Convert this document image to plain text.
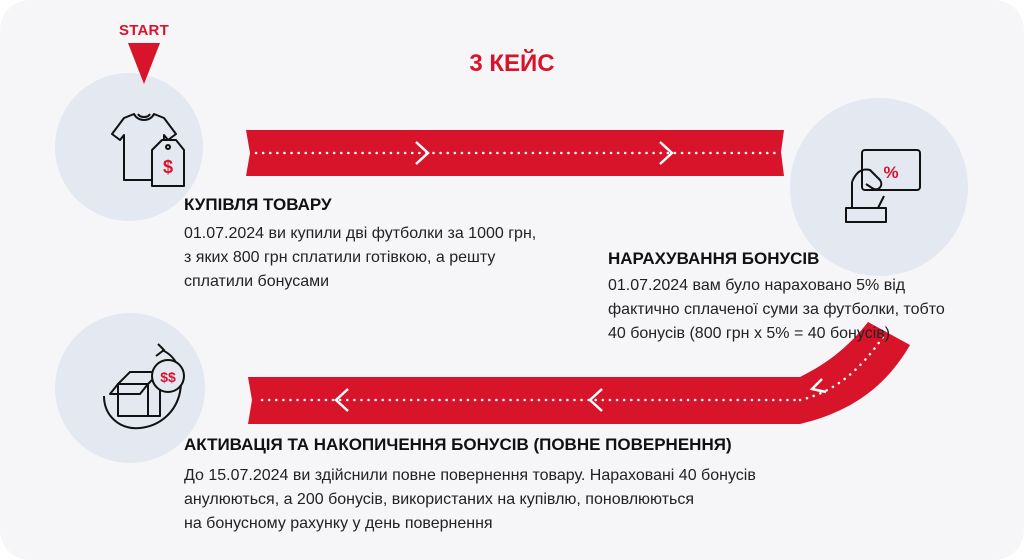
$	%
$$
START
3 КЕЙС
КУПІВЛЯ ТОВАРУ
01.07.2024 ви купили дві футболки за 1000 грн,
з яких 800 грн сплатили готівкою, а решту
сплатили бонусами
НАРАХУВАННЯ БОНУСІВ
01.07.2024 вам було нараховано 5% від
фактично сплаченої суми за футболки, тобто
40 бонусів (800 грн х 5% = 40 бонусів)
АКТИВАЦІЯ ТА НАКОПИЧЕННЯ БОНУСІВ (ПОВНЕ ПОВЕРНЕННЯ)
До 15.07.2024 ви здійснили повне повернення товару. Нараховані 40 бонусів
анулюються, а 200 бонусів, використаних на купівлю, поновлюються
на бонусному рахунку у день повернення
